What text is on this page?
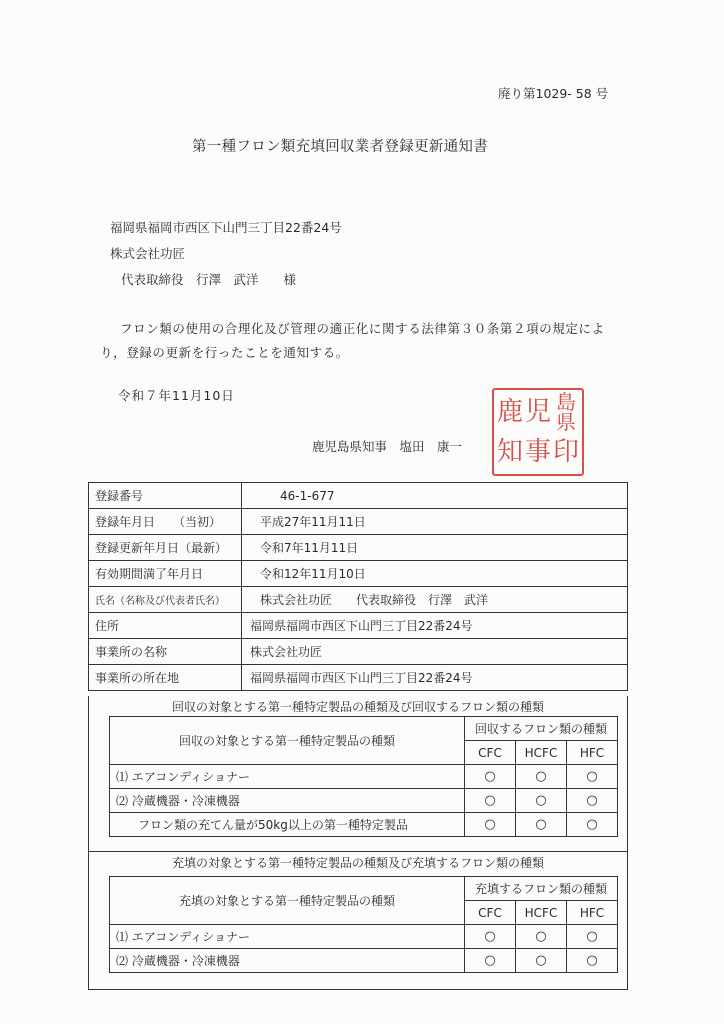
廃り第1029- 58 号
第一種フロン類充填回収業者登録更新通知書
福岡県福岡市西区下山門三丁目22番24号
株式会社功匠
代表取締役　行澤　武洋　　様
フロン類の使用の合理化及び管理の適正化に関する法律第３０条第２項の規定によ
り，登録の更新を行ったことを通知する。
令和７年11月10日
鹿児島県知事　塩田　康一
鹿 児 島
県
知 事 印
登録番号	46-1-677
登録年月日　　（当初）	平成27年11月11日
登録更新年月日（最新）	令和7年11月11日
有効期間満了年月日	令和12年11月10日
氏名（名称及び代表者氏名）	株式会社功匠　　代表取締役　行澤　武洋
住所	福岡県福岡市西区下山門三丁目22番24号
事業所の名称	株式会社功匠
事業所の所在地	福岡県福岡市西区下山門三丁目22番24号
回収の対象とする第一種特定製品の種類及び回収するフロン類の種類
回収の対象とする第一種特定製品の種類	回収するフロン類の種類		
	CFC	HCFC	HFC
⑴ エアコンディショナー	○	○	○
⑵ 冷蔵機器・冷凍機器	○	○	○
フロン類の充てん量が50kg以上の第一種特定製品	○	○	○
充填の対象とする第一種特定製品の種類及び充填するフロン類の種類
充填の対象とする第一種特定製品の種類	充填するフロン類の種類		
	CFC	HCFC	HFC
⑴ エアコンディショナー	○	○	○
⑵ 冷蔵機器・冷凍機器	○	○	○
